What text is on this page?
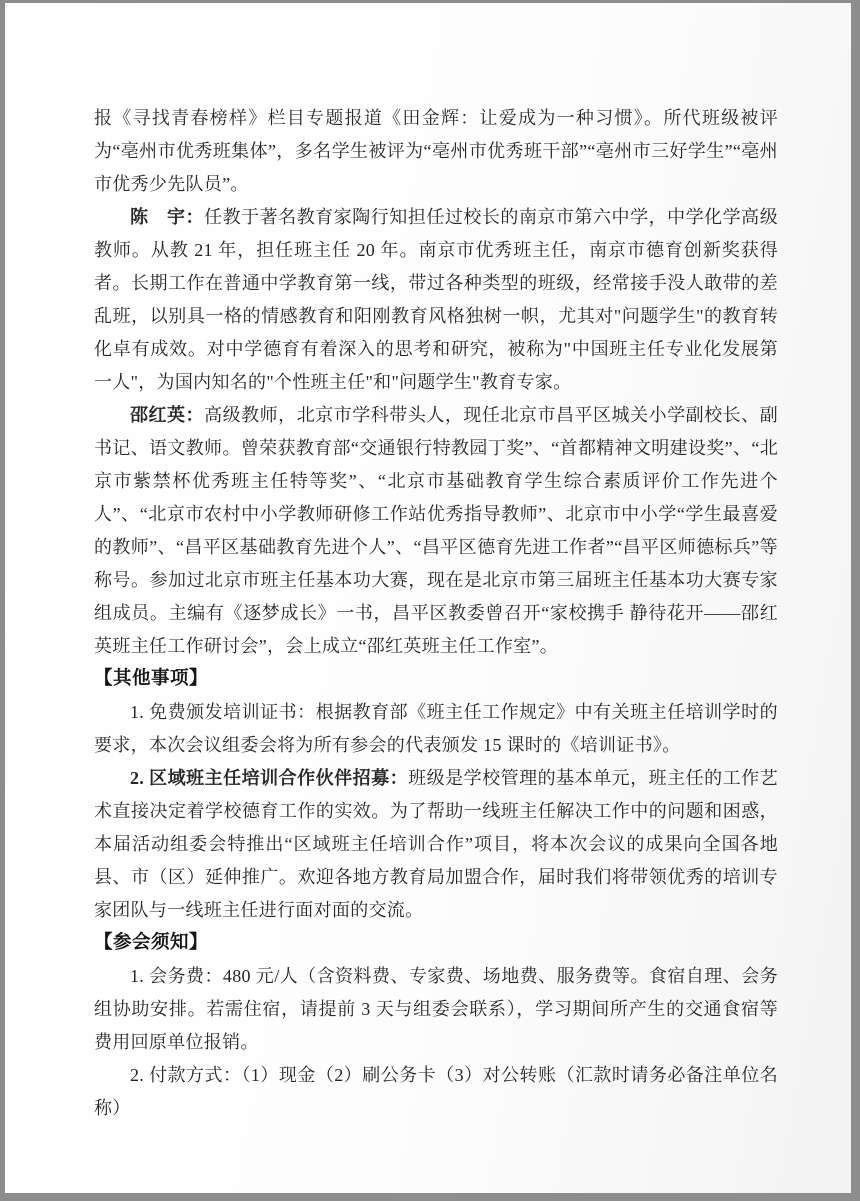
报《寻找青春榜样》栏目专题报道《田金辉：让爱成为一种习惯》。所代班级被评为“亳州市优秀班集体”，多名学生被评为“亳州市优秀班干部”“亳州市三好学生”“亳州市优秀少先队员”。

陈　宇：任教于著名教育家陶行知担任过校长的南京市第六中学，中学化学高级教师。从教 21 年，担任班主任 20 年。南京市优秀班主任，南京市德育创新奖获得者。长期工作在普通中学教育第一线，带过各种类型的班级，经常接手没人敢带的差乱班，以别具一格的情感教育和阳刚教育风格独树一帜，尤其对"问题学生"的教育转化卓有成效。对中学德育有着深入的思考和研究，被称为"中国班主任专业化发展第一人"，为国内知名的"个性班主任"和"问题学生"教育专家。

邵红英：高级教师，北京市学科带头人，现任北京市昌平区城关小学副校长、副书记、语文教师。曾荣获教育部“交通银行特教园丁奖”、“首都精神文明建设奖”、“北京市紫禁杯优秀班主任特等奖”、“北京市基础教育学生综合素质评价工作先进个人”、“北京市农村中小学教师研修工作站优秀指导教师”、北京市中小学“学生最喜爱的教师”、“昌平区基础教育先进个人”、“昌平区德育先进工作者”“昌平区师德标兵”等称号。参加过北京市班主任基本功大赛，现在是北京市第三届班主任基本功大赛专家组成员。主编有《逐梦成长》一书，昌平区教委曾召开“家校携手 静待花开——邵红英班主任工作研讨会”，会上成立“邵红英班主任工作室”。

【其他事项】

1. 免费颁发培训证书：根据教育部《班主任工作规定》中有关班主任培训学时的要求，本次会议组委会将为所有参会的代表颁发 15 课时的《培训证书》。

2. 区域班主任培训合作伙伴招募：班级是学校管理的基本单元，班主任的工作艺术直接决定着学校德育工作的实效。为了帮助一线班主任解决工作中的问题和困惑，本届活动组委会特推出“区域班主任培训合作”项目，将本次会议的成果向全国各地县、市（区）延伸推广。欢迎各地方教育局加盟合作，届时我们将带领优秀的培训专家团队与一线班主任进行面对面的交流。

【参会须知】

1. 会务费：480 元/人（含资料费、专家费、场地费、服务费等。食宿自理、会务组协助安排。若需住宿，请提前 3 天与组委会联系），学习期间所产生的交通食宿等费用回原单位报销。

2. 付款方式：（1）现金（2）刷公务卡（3）对公转账（汇款时请务必备注单位名称）
